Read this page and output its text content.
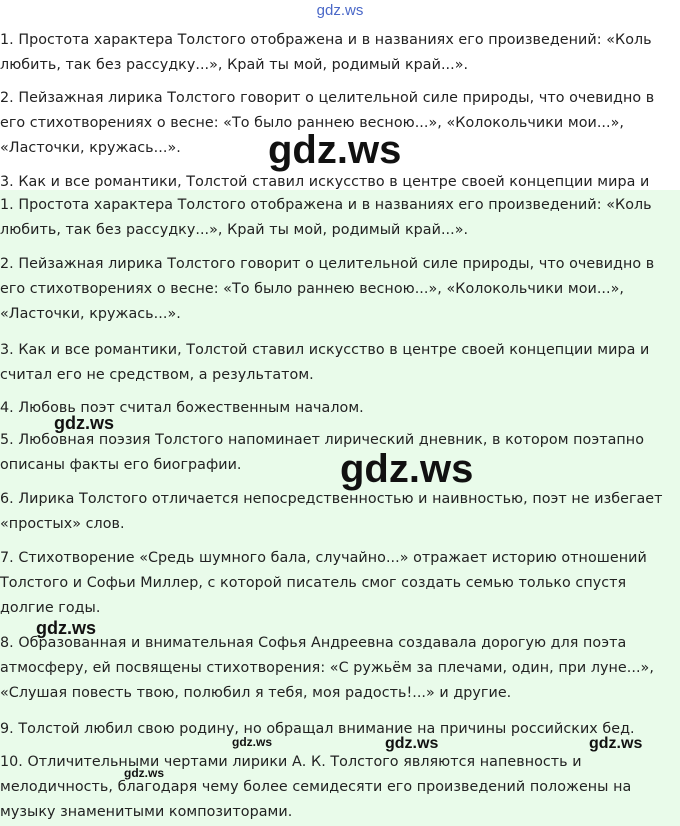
gdz.ws

1. Простота характера Толстого отображена и в названиях его произведений: «Коль любить, так без рассудку...», Край ты мой, родимый край...».

2. Пейзажная лирика Толстого говорит о целительной силе природы, что очевидно в его стихотворениях о весне: «То было раннею весною...», «Колокольчики мои...», «Ласточки, кружась...».

3. Как и все романтики, Толстой ставил искусство в центре своей концепции мира и

1. Простота характера Толстого отображена и в названиях его произведений: «Коль любить, так без рассудку...», Край ты мой, родимый край...».

2. Пейзажная лирика Толстого говорит о целительной силе природы, что очевидно в его стихотворениях о весне: «То было раннею весною...», «Колокольчики мои...», «Ласточки, кружась...».

3. Как и все романтики, Толстой ставил искусство в центре своей концепции мира и считал его не средством, а результатом.

4. Любовь поэт считал божественным началом.

5. Любовная поэзия Толстого напоминает лирический дневник, в котором поэтапно описаны факты его биографии.

6. Лирика Толстого отличается непосредственностью и наивностью, поэт не избегает «простых» слов.

7. Стихотворение «Средь шумного бала, случайно...» отражает историю отношений Толстого и Софьи Миллер, с которой писатель смог создать семью только спустя долгие годы.

8. Образованная и внимательная Софья Андреевна создавала дорогую для поэта атмосферу, ей посвящены стихотворения: «С ружьём за плечами, один, при луне...», «Слушая повесть твою, полюбил я тебя, моя радость!...» и другие.

9. Толстой любил свою родину, но обращал внимание на причины российских бед.

10. Отличительными чертами лирики А. К. Толстого являются напевность и мелодичность, благодаря чему более семидесяти его произведений положены на музыку знаменитыми композиторами.

gdz.ws
gdz.ws
gdz.ws
gdz.ws
gdz.ws	gdz.ws	gdz.ws
gdz.ws
